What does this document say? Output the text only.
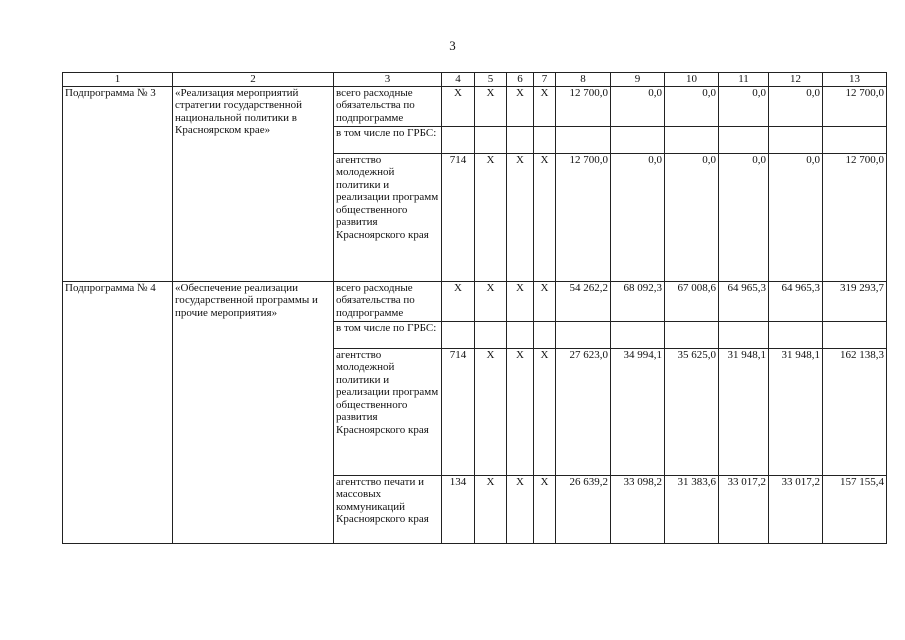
3
1	2	3	4	5	6	7	8	9	10	11	12	13
Подпрограмма № 3	«Реализация мероприятий стратегии государственной национальной политики в Красноярском крае»	всего расходные обязательства по подпрограмме	X	X	X	X	12 700,0	0,0	0,0	0,0	0,0	12 700,0
		в том числе по ГРБС:										
		агентство молодежной политики и реализации программ общественного развития Красноярского края	714	X	X	X	12 700,0	0,0	0,0	0,0	0,0	12 700,0
Подпрограмма № 4	«Обеспечение реализации государственной программы и прочие мероприятия»	всего расходные обязательства по подпрограмме	X	X	X	X	54 262,2	68 092,3	67 008,6	64 965,3	64 965,3	319 293,7
		в том числе по ГРБС:										
		агентство молодежной политики и реализации программ общественного развития Красноярского края	714	X	X	X	27 623,0	34 994,1	35 625,0	31 948,1	31 948,1	162 138,3
		агентство печати и массовых коммуникаций Красноярского края	134	X	X	X	26 639,2	33 098,2	31 383,6	33 017,2	33 017,2	157 155,4
